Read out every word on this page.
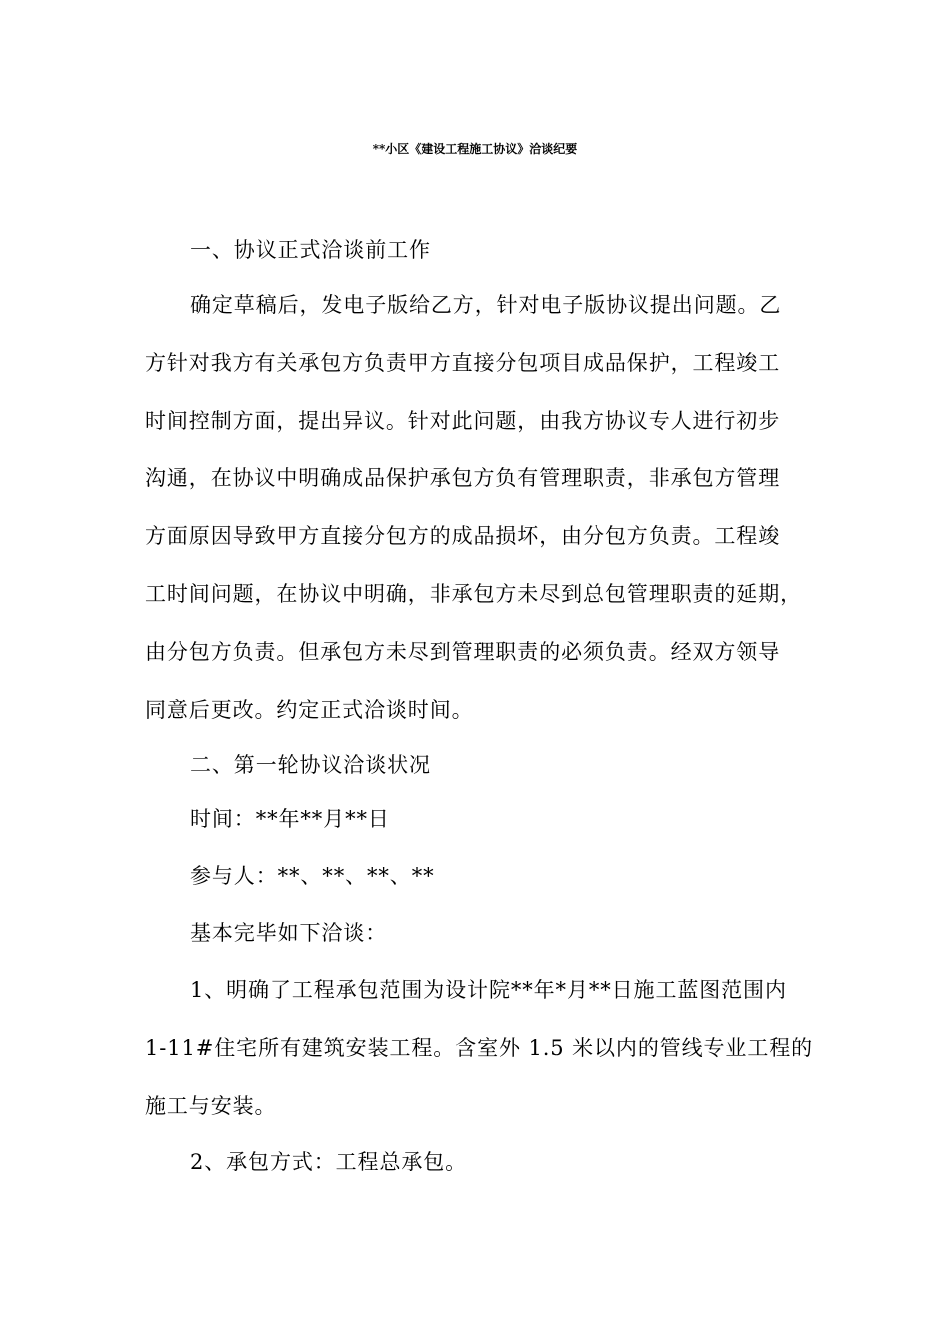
**小区《建设工程施工协议》洽谈纪要
一、协议正式洽谈前工作
确定草稿后，发电子版给乙方，针对电子版协议提出问题。乙
方针对我方有关承包方负责甲方直接分包项目成品保护，工程竣工
时间控制方面，提出异议。针对此问题，由我方协议专人进行初步
沟通，在协议中明确成品保护承包方负有管理职责，非承包方管理
方面原因导致甲方直接分包方的成品损坏，由分包方负责。工程竣
工时间问题，在协议中明确，非承包方未尽到总包管理职责的延期，
由分包方负责。但承包方未尽到管理职责的必须负责。经双方领导
同意后更改。约定正式洽谈时间。
二、第一轮协议洽谈状况
时间：**年**月**日
参与人：**、**、**、**
基本完毕如下洽谈：
1、明确了工程承包范围为设计院**年*月**日施工蓝图范围内
1-11#住宅所有建筑安装工程。含室外 1.5 米以内的管线专业工程的
施工与安装。
2、承包方式：工程总承包。
